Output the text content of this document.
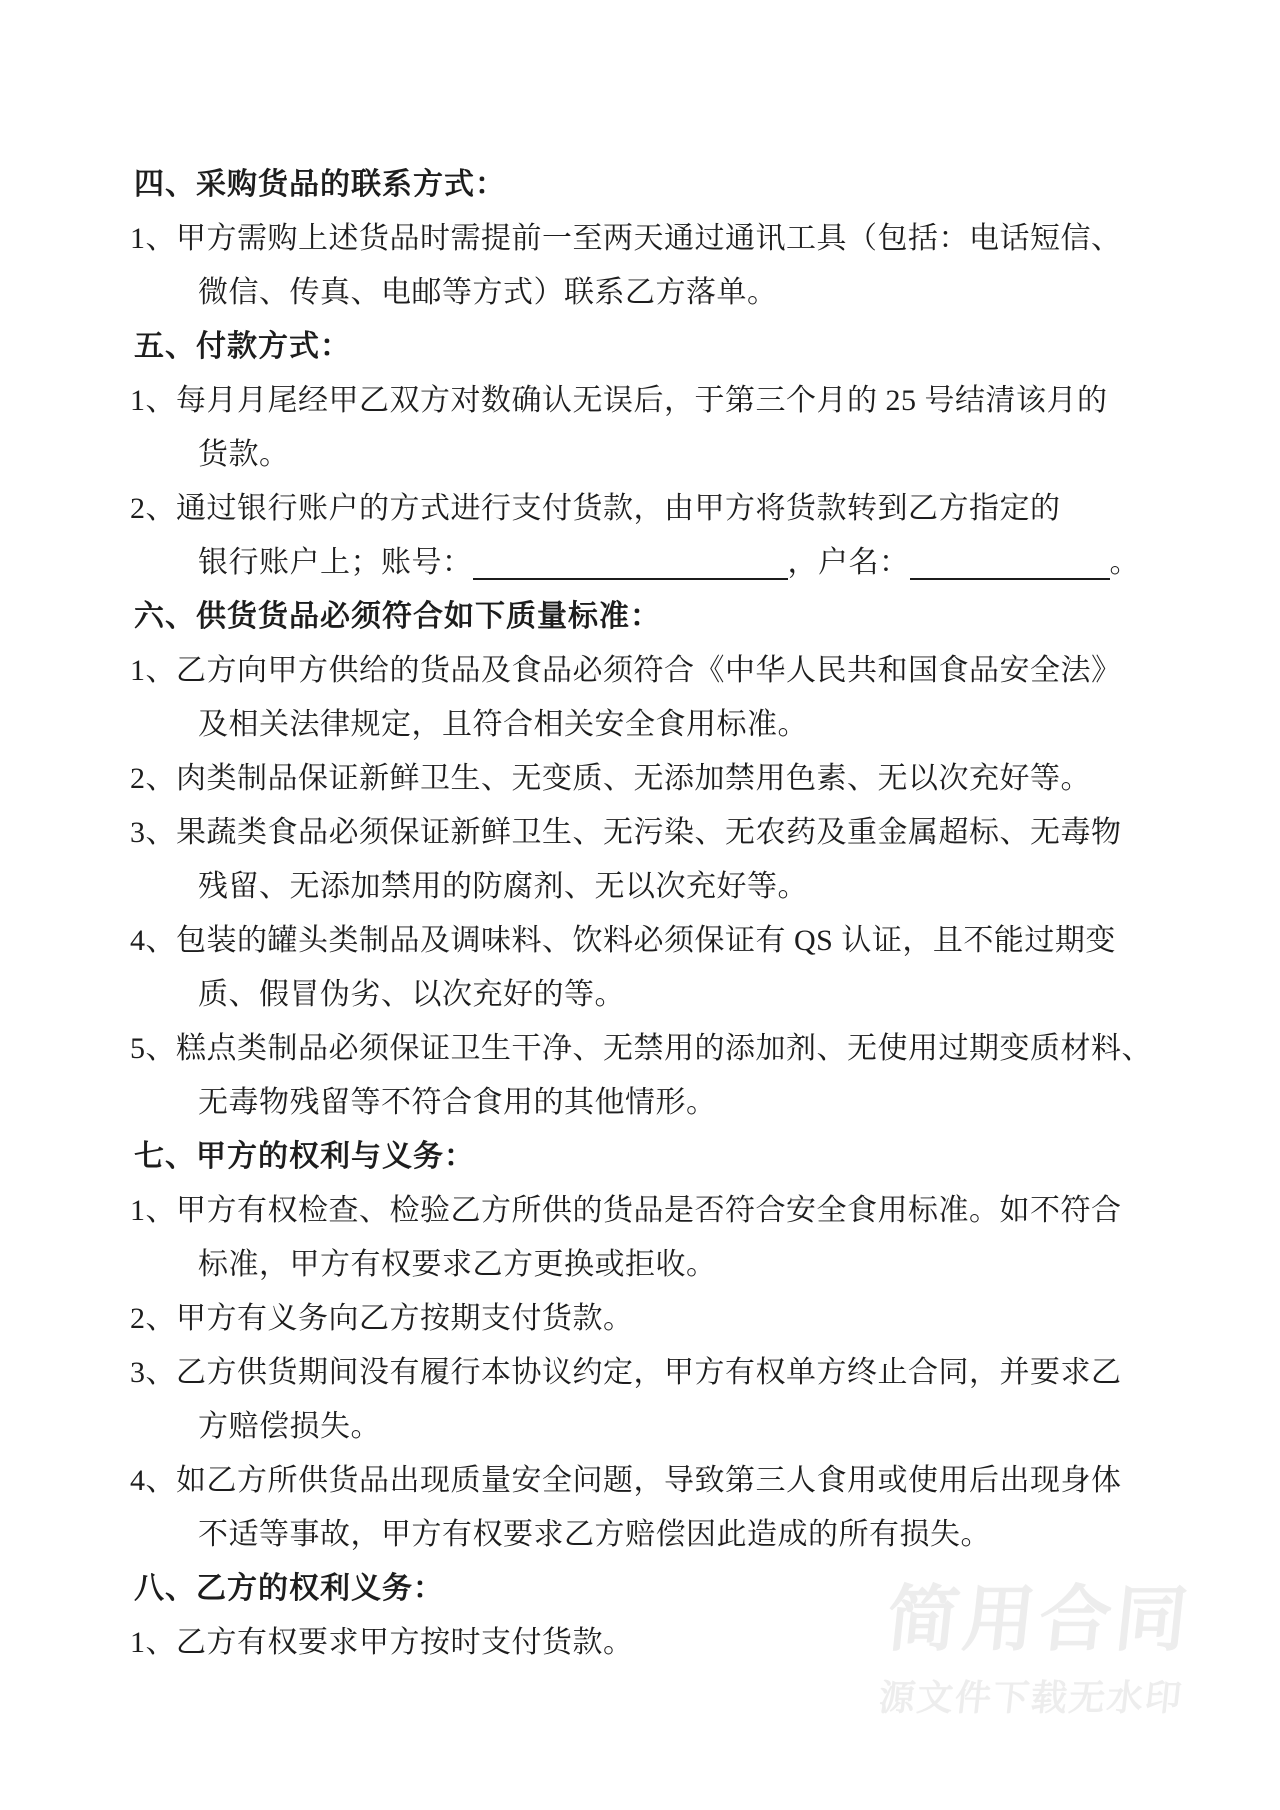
四、采购货品的联系方式：
1、甲方需购上述货品时需提前一至两天通过通讯工具（包括：电话短信、
微信、传真、电邮等方式）联系乙方落单。
五、付款方式：
1、每月月尾经甲乙双方对数确认无误后，于第三个月的 25 号结清该月的
货款。
2、通过银行账户的方式进行支付货款，由甲方将货款转到乙方指定的
银行账户上；账号：	，户名：	。
六、供货货品必须符合如下质量标准：
1、乙方向甲方供给的货品及食品必须符合《中华人民共和国食品安全法》
及相关法律规定，且符合相关安全食用标准。
2、肉类制品保证新鲜卫生、无变质、无添加禁用色素、无以次充好等。
3、果蔬类食品必须保证新鲜卫生、无污染、无农药及重金属超标、无毒物
残留、无添加禁用的防腐剂、无以次充好等。
4、包装的罐头类制品及调味料、饮料必须保证有 QS 认证，且不能过期变
质、假冒伪劣、以次充好的等。
5、糕点类制品必须保证卫生干净、无禁用的添加剂、无使用过期变质材料、
无毒物残留等不符合食用的其他情形。
七、甲方的权利与义务：
1、甲方有权检查、检验乙方所供的货品是否符合安全食用标准。如不符合
标准，甲方有权要求乙方更换或拒收。
2、甲方有义务向乙方按期支付货款。
3、乙方供货期间没有履行本协议约定，甲方有权单方终止合同，并要求乙
方赔偿损失。
4、如乙方所供货品出现质量安全问题，导致第三人食用或使用后出现身体
不适等事故，甲方有权要求乙方赔偿因此造成的所有损失。
八、乙方的权利义务：
1、乙方有权要求甲方按时支付货款。	简用合同
源文件下载无水印
